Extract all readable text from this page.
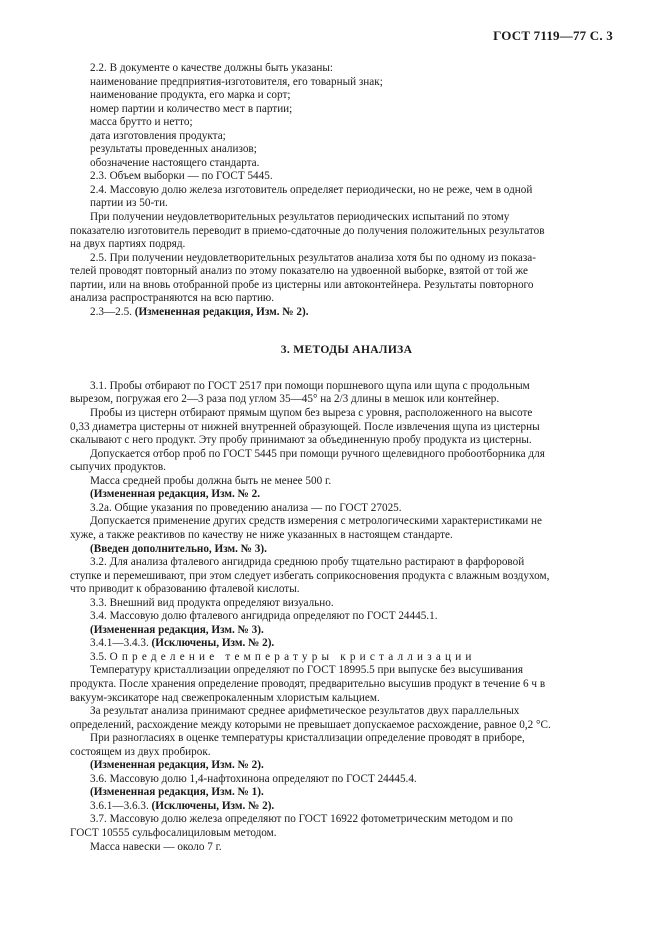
ГОСТ 7119—77 С. 3

2.2. В документе о качестве должны быть указаны:

наименование предприятия-изготовителя, его товарный знак;

наименование продукта, его марка и сорт;

номер партии и количество мест в партии;

масса брутто и нетто;

дата изготовления продукта;

результаты проведенных анализов;

обозначение настоящего стандарта.

2.3. Объем выборки — по ГОСТ 5445.

2.4. Массовую долю железа изготовитель определяет периодически, но не реже, чем в одной

партии из 50-ти.

При получении неудовлетворительных результатов периодических испытаний по этому

показателю изготовитель переводит в приемо-сдаточные до получения положительных результатов

на двух партиях подряд.

2.5. При получении неудовлетворительных результатов анализа хотя бы по одному из показа-

телей проводят повторный анализ по этому показателю на удвоенной выборке, взятой от той же

партии, или на вновь отобранной пробе из цистерны или автоконтейнера. Результаты повторного

анализа распространяются на всю партию.

2.3—2.5. (Измененная редакция, Изм. № 2).

3. МЕТОДЫ АНАЛИЗА

3.1. Пробы отбирают по ГОСТ 2517 при помощи поршневого щупа или щупа с продольным

вырезом, погружая его 2—3 раза под углом 35—45° на 2/3 длины в мешок или контейнер.

Пробы из цистерн отбирают прямым щупом без выреза с уровня, расположенного на высоте

0,33 диаметра цистерны от нижней внутренней образующей. После извлечения щупа из цистерны

скалывают с него продукт. Эту пробу принимают за объединенную пробу продукта из цистерны.

Допускается отбор проб по ГОСТ 5445 при помощи ручного щелевидного пробоотборника для

сыпучих продуктов.

Масса средней пробы должна быть не менее 500 г.

(Измененная редакция, Изм. № 2.

3.2а. Общие указания по проведению анализа — по ГОСТ 27025.

Допускается применение других средств измерения с метрологическими характеристиками не

хуже, а также реактивов по качеству не ниже указанных в настоящем стандарте.

(Введен дополнительно, Изм. № 3).

3.2. Для анализа фталевого ангидрида среднюю пробу тщательно растирают в фарфоровой

ступке и перемешивают, при этом следует избегать соприкосновения продукта с влажным воздухом,

что приводит к образованию фталевой кислоты.

3.3. Внешний вид продукта определяют визуально.

3.4. Массовую долю фталевого ангидрида определяют по ГОСТ 24445.1.

(Измененная редакция, Изм. № 3).

3.4.1—3.4.3. (Исключены, Изм. № 2).

3.5. Определение температуры кристаллизации

Температуру кристаллизации определяют по ГОСТ 18995.5 при выпуске без высушивания

продукта. После хранения определение проводят, предварительно высушив продукт в течение 6 ч в

вакуум-эксикаторе над свежепрокаленным хлористым кальцием.

За результат анализа принимают среднее арифметическое результатов двух параллельных

определений, расхождение между которыми не превышает допускаемое расхождение, равное 0,2 °С.

При разногласиях в оценке температуры кристаллизации определение проводят в приборе,

состоящем из двух пробирок.

(Измененная редакция, Изм. № 2).

3.6. Массовую долю 1,4-нафтохинона определяют по ГОСТ 24445.4.

(Измененная редакция, Изм. № 1).

3.6.1—3.6.3. (Исключены, Изм. № 2).

3.7. Массовую долю железа определяют по ГОСТ 16922 фотометрическим методом и по

ГОСТ 10555 сульфосалициловым методом.

Масса навески — около 7 г.
